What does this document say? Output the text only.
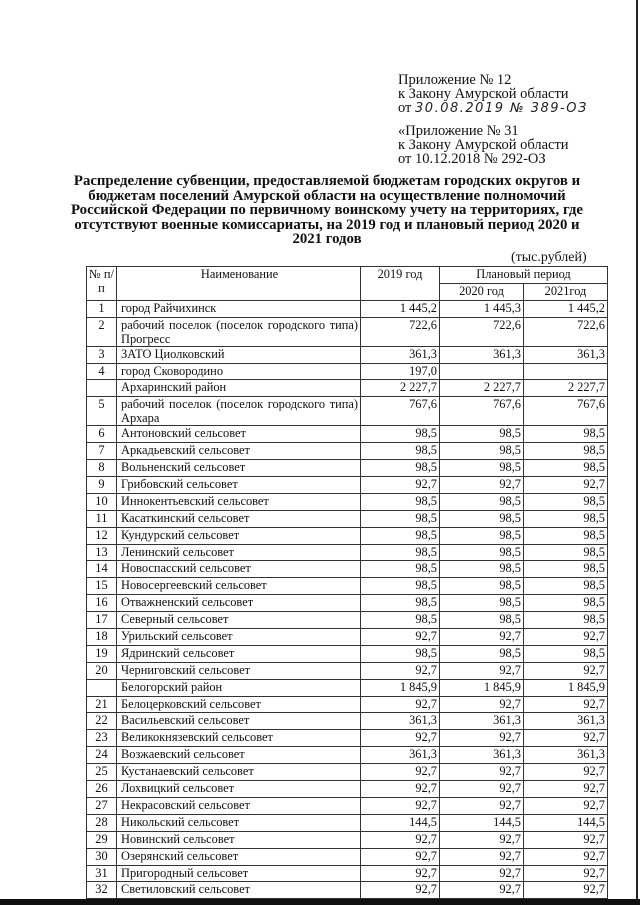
Приложение № 12
к Закону Амурской области
от 30.08.2019 № 389-ОЗ
«Приложение № 31
к Закону Амурской области
от 10.12.2018 № 292-ОЗ
Распределение субвенции, предоставляемой бюджетам городских округов и бюджетам поселений Амурской области на осуществление полномочий Российской Федерации по первичному воинскому учету на территориях, где отсутствуют военные комиссариаты, на 2019 год и плановый период 2020 и 2021 годов
(тыс.рублей)
№ п/п	Наименование	2019 год	Плановый период	
			2020 год	2021год
1	город Райчихинск	1 445,2	1 445,3	1 445,2
2	рабочий поселок (поселок городского типа) Прогресс	722,6	722,6	722,6
3	ЗАТО Циолковский	361,3	361,3	361,3
4	город Сковородино	197,0		
	Архаринский район	2 227,7	2 227,7	2 227,7
5	рабочий поселок (поселок городского типа) Архара	767,6	767,6	767,6
6	Антоновский сельсовет	98,5	98,5	98,5
7	Аркадьевский сельсовет	98,5	98,5	98,5
8	Вольненский сельсовет	98,5	98,5	98,5
9	Грибовский сельсовет	92,7	92,7	92,7
10	Иннокентьевский сельсовет	98,5	98,5	98,5
11	Касаткинский сельсовет	98,5	98,5	98,5
12	Кундурский сельсовет	98,5	98,5	98,5
13	Ленинский сельсовет	98,5	98,5	98,5
14	Новоспасский сельсовет	98,5	98,5	98,5
15	Новосергеевский сельсовет	98,5	98,5	98,5
16	Отважненский сельсовет	98,5	98,5	98,5
17	Северный сельсовет	98,5	98,5	98,5
18	Урильский сельсовет	92,7	92,7	92,7
19	Ядринский сельсовет	98,5	98,5	98,5
20	Черниговский сельсовет	92,7	92,7	92,7
	Белогорский район	1 845,9	1 845,9	1 845,9
21	Белоцерковский сельсовет	92,7	92,7	92,7
22	Васильевский сельсовет	361,3	361,3	361,3
23	Великокнязевский сельсовет	92,7	92,7	92,7
24	Возжаевский сельсовет	361,3	361,3	361,3
25	Кустанаевский сельсовет	92,7	92,7	92,7
26	Лохвицкий сельсовет	92,7	92,7	92,7
27	Некрасовский сельсовет	92,7	92,7	92,7
28	Никольский сельсовет	144,5	144,5	144,5
29	Новинский сельсовет	92,7	92,7	92,7
30	Озерянский сельсовет	92,7	92,7	92,7
31	Пригородный сельсовет	92,7	92,7	92,7
32	Светиловский сельсовет	92,7	92,7	92,7
